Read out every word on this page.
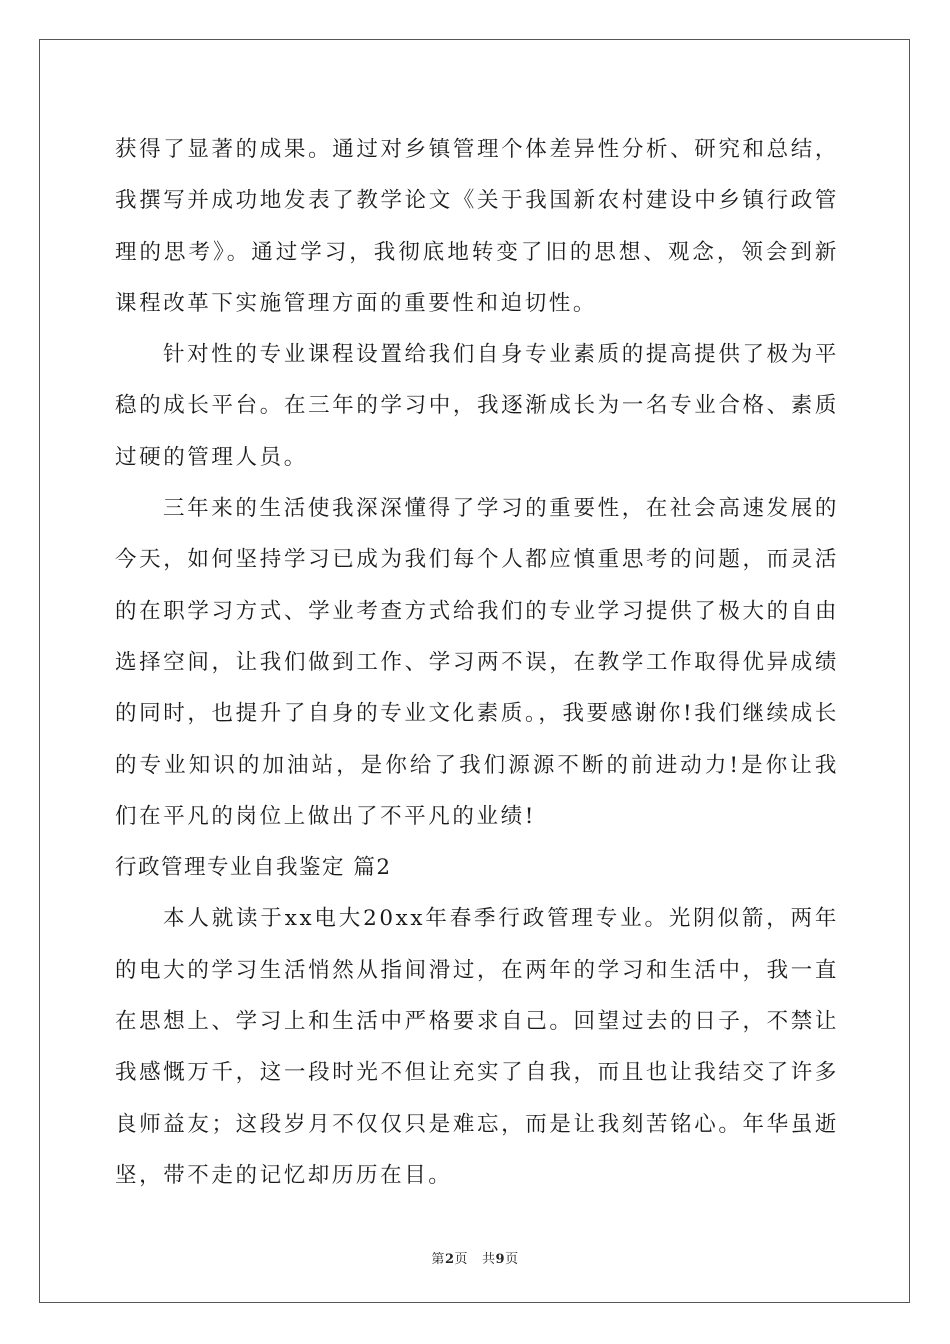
获得了显著的成果。通过对乡镇管理个体差异性分析、研究和总结，我撰写并成功地发表了教学论文《关于我国新农村建设中乡镇行政管理的思考》。通过学习，我彻底地转变了旧的思想、观念，领会到新课程改革下实施管理方面的重要性和迫切性。

针对性的专业课程设置给我们自身专业素质的提高提供了极为平稳的成长平台。在三年的学习中，我逐渐成长为一名专业合格、素质过硬的管理人员。

三年来的生活使我深深懂得了学习的重要性，在社会高速发展的今天，如何坚持学习已成为我们每个人都应慎重思考的问题，而灵活的在职学习方式、学业考查方式给我们的专业学习提供了极大的自由选择空间，让我们做到工作、学习两不误，在教学工作取得优异成绩的同时，也提升了自身的专业文化素质。，我要感谢你!我们继续成长的专业知识的加油站，是你给了我们源源不断的前进动力!是你让我们在平凡的岗位上做出了不平凡的业绩!

行政管理专业自我鉴定 篇2

本人就读于xx电大20xx年春季行政管理专业。光阴似箭，两年的电大的学习生活悄然从指间滑过，在两年的学习和生活中，我一直在思想上、学习上和生活中严格要求自己。回望过去的日子，不禁让我感慨万千，这一段时光不但让充实了自我，而且也让我结交了许多良师益友；这段岁月不仅仅只是难忘，而是让我刻苦铭心。年华虽逝坚，带不走的记忆却历历在目。

第2页 共9页
